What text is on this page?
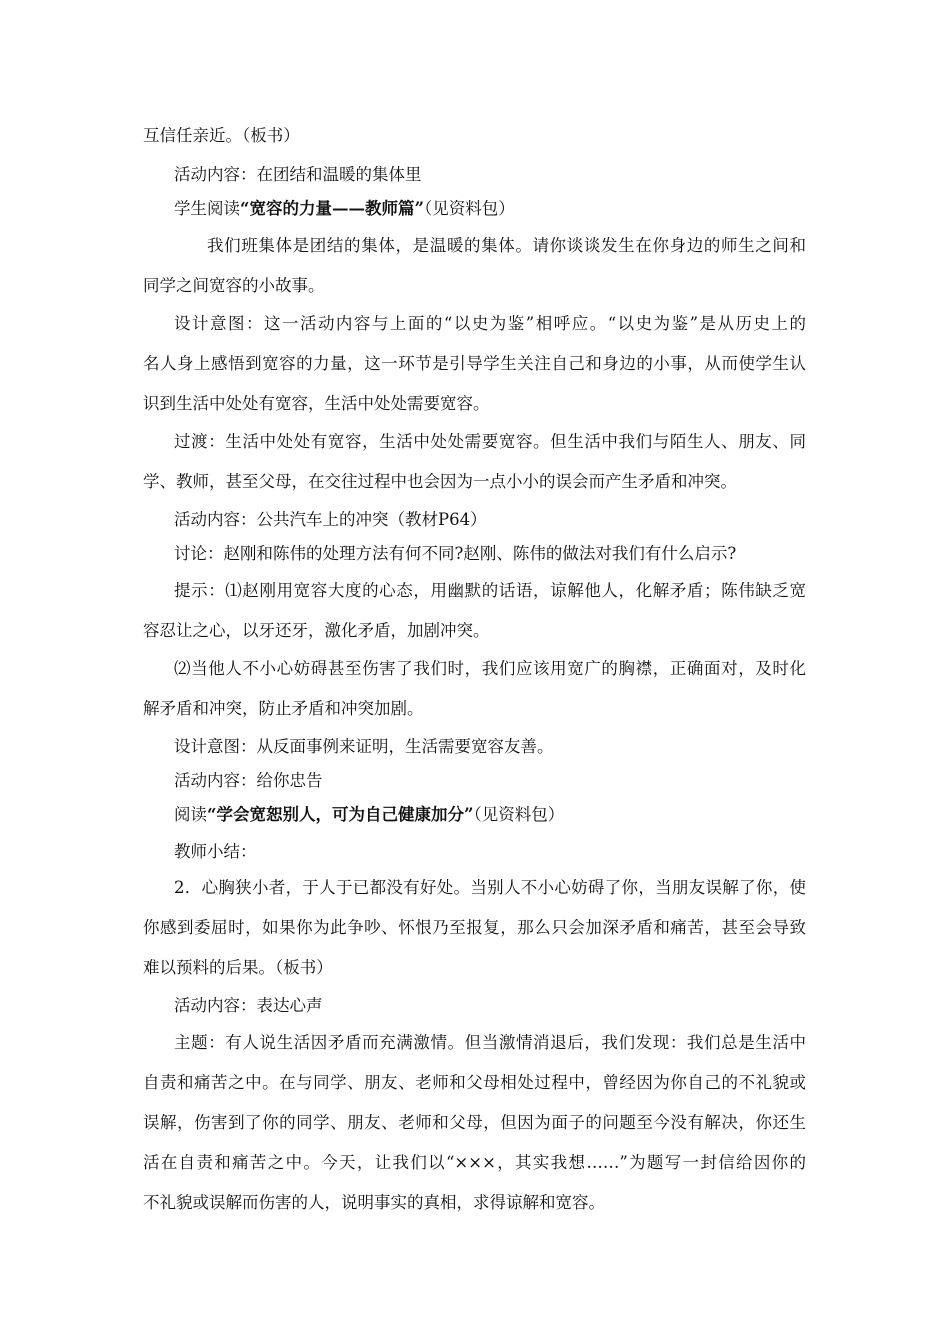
互信任亲近。（板书）
活动内容：在团结和温暖的集体里
学生阅读“宽容的力量——教师篇”（见资料包）
我们班集体是团结的集体，是温暖的集体。请你谈谈发生在你身边的师生之间和
同学之间宽容的小故事。
设计意图：这一活动内容与上面的“以史为鉴”相呼应。“以史为鉴”是从历史上的
名人身上感悟到宽容的力量，这一环节是引导学生关注自己和身边的小事，从而使学生认
识到生活中处处有宽容，生活中处处需要宽容。
过渡：生活中处处有宽容，生活中处处需要宽容。但生活中我们与陌生人、朋友、同
学、教师，甚至父母，在交往过程中也会因为一点小小的误会而产生矛盾和冲突。
活动内容：公共汽车上的冲突（教材P64）
讨论：赵刚和陈伟的处理方法有何不同?赵刚、陈伟的做法对我们有什么启示?
提示：⑴赵刚用宽容大度的心态，用幽默的话语，谅解他人，化解矛盾；陈伟缺乏宽
容忍让之心，以牙还牙，激化矛盾，加剧冲突。
⑵当他人不小心妨碍甚至伤害了我们时，我们应该用宽广的胸襟，正确面对，及时化
解矛盾和冲突，防止矛盾和冲突加剧。
设计意图：从反面事例来证明，生活需要宽容友善。
活动内容：给你忠告
阅读“学会宽恕别人，可为自己健康加分”（见资料包）
教师小结：
2．心胸狭小者，于人于已都没有好处。当别人不小心妨碍了你，当朋友误解了你，使
你感到委屈时，如果你为此争吵、怀恨乃至报复，那么只会加深矛盾和痛苦，甚至会导致
难以预料的后果。（板书）
活动内容：表达心声
主题：有人说生活因矛盾而充满激情。但当激情消退后，我们发现：我们总是生活中
自责和痛苦之中。在与同学、朋友、老师和父母相处过程中，曾经因为你自己的不礼貌或
误解，伤害到了你的同学、朋友、老师和父母，但因为面子的问题至今没有解决，你还生
活在自责和痛苦之中。今天，让我们以“×××，其实我想……”为题写一封信给因你的
不礼貌或误解而伤害的人，说明事实的真相，求得谅解和宽容。
